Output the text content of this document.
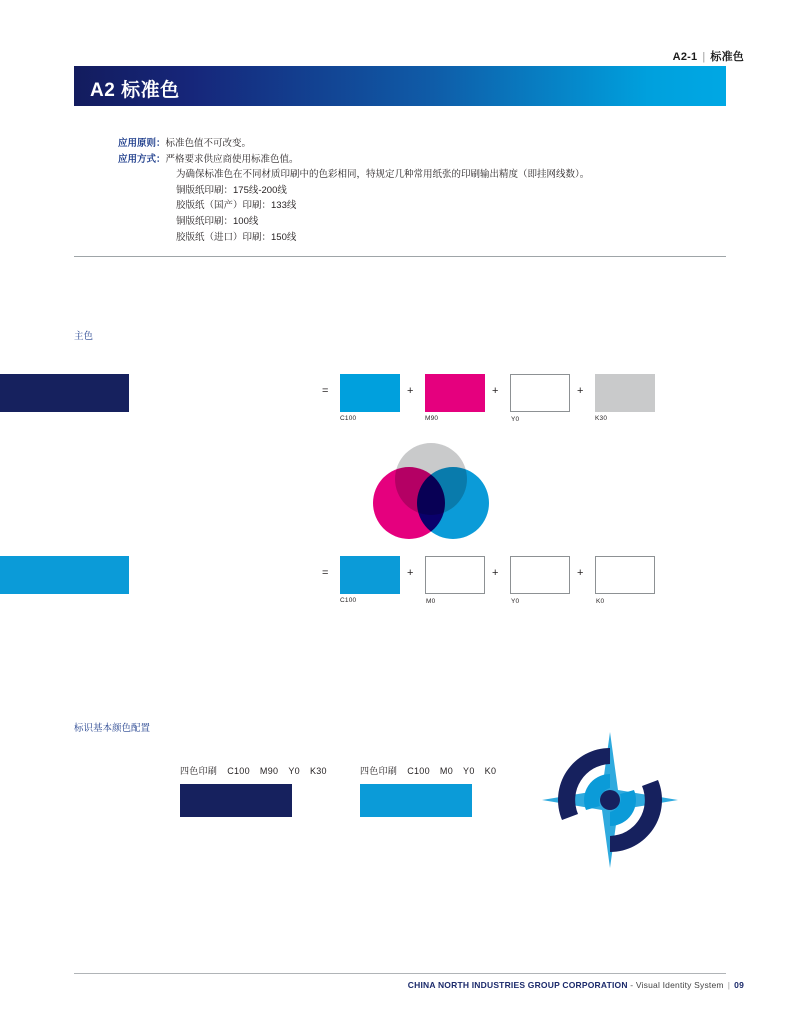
A2-1 | 标准色
A2 标准色
应用原则：标准色值不可改变。
应用方式：严格要求供应商使用标准色值。
为确保标准色在不同材质印刷中的色彩相同，特规定几种常用纸张的印刷输出精度（即挂网线数）。
铜版纸印刷：175线-200线
胶版纸（国产）印刷：133线
铜版纸印刷：100线
胶版纸（进口）印刷：150线
主色
=
C100
+
M90
+
Y0
+
K30
=
C100
+
M0
+
Y0
+
K0
标识基本颜色配置
四色印刷 C100 M90 Y0 K30	四色印刷 C100 M0 Y0 K0
CHINA NORTH INDUSTRIES GROUP CORPORATION - Visual Identity System | 09
